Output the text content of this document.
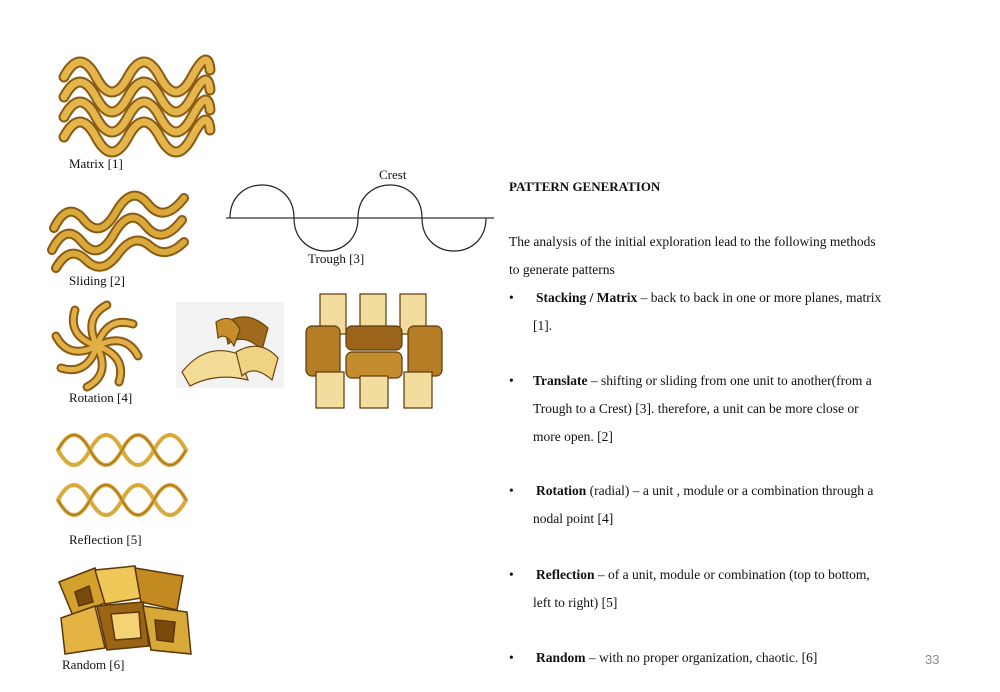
Matrix [1]
Sliding [2]
Rotation [4]
Reflection [5]
Random [6]
Crest
Trough [3]
PATTERN GENERATION
The analysis of the initial exploration lead to the following methods
to generate patterns
• Stacking / Matrix – back to back in one or more planes, matrix
[1].
• Translate – shifting or sliding from one unit to another(from a
Trough to a Crest) [3]. therefore, a unit can be more close or
more open. [2]
• Rotation (radial) – a unit , module or a combination through a
nodal point [4]
• Reflection – of a unit, module or combination (top to bottom,
left to right) [5]
• Random – with no proper organization, chaotic. [6]	33
